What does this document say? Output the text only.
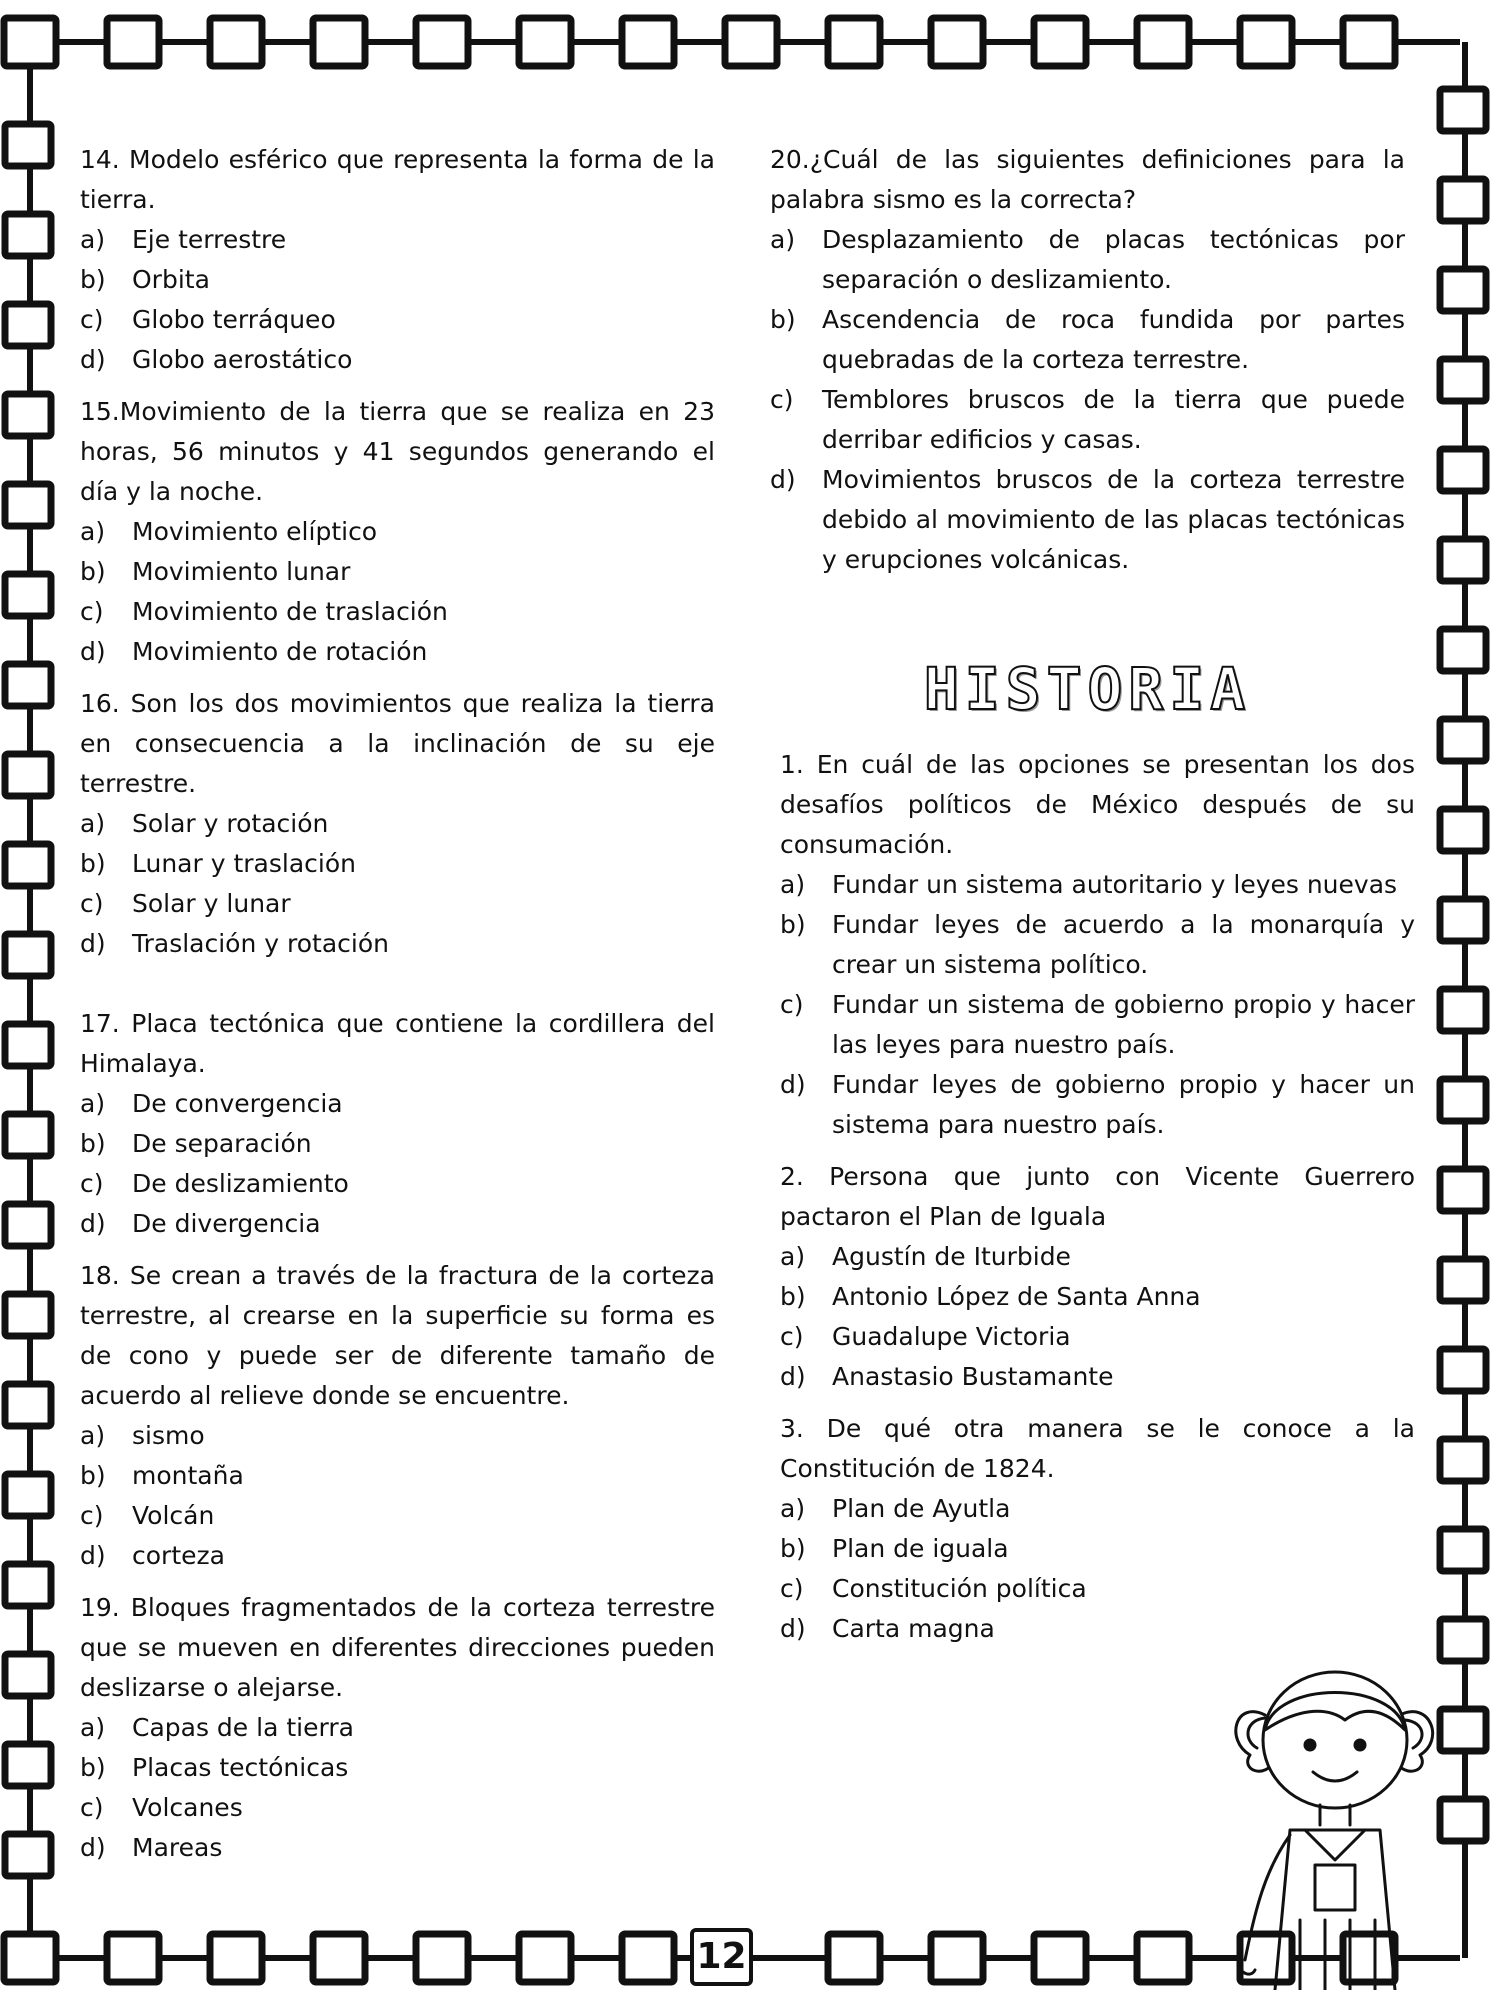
14. Modelo esférico que representa la forma de la tierra.

a)	Eje terrestre
b)	Orbita
c)	Globo terráqueo
d)	Globo aerostático

15.Movimiento de la tierra que se realiza en 23 horas, 56 minutos y 41 segundos generando el día y la noche.

a)	Movimiento elíptico
b)	Movimiento lunar
c)	Movimiento de traslación
d)	Movimiento de rotación

16. Son los dos movimientos que realiza la tierra en consecuencia a la inclinación de su eje terrestre.

a)	Solar y rotación
b)	Lunar y traslación
c)	Solar y lunar
d)	Traslación y rotación

17. Placa tectónica que contiene la cordillera del Himalaya.

a)	De convergencia
b)	De separación
c)	De deslizamiento
d)	De divergencia

18. Se crean a través de la fractura de la corteza terrestre, al crearse en la superficie su forma es de cono y puede ser de diferente tamaño de acuerdo al relieve donde se encuentre.

a)	sismo
b)	montaña
c)	Volcán
d)	corteza

19. Bloques fragmentados de la corteza terrestre que se mueven en diferentes direcciones pueden deslizarse o alejarse.

a)	Capas de la tierra
b)	Placas tectónicas
c)	Volcanes
d)	Mareas

20.¿Cuál de las siguientes definiciones para la palabra sismo es la correcta?

a)	Desplazamiento de placas tectónicas por separación o deslizamiento.
b)	Ascendencia de roca fundida por partes quebradas de la corteza terrestre.
c)	Temblores bruscos de la tierra que puede derribar edificios y casas.
d)	Movimientos bruscos de la corteza terrestre debido al movimiento de las placas tectónicas y erupciones volcánicas.
HISTORIA

1. En cuál de las opciones se presentan los dos desafíos políticos de México después de su consumación.

a)	Fundar un sistema autoritario y leyes nuevas
b)	Fundar leyes de acuerdo a la monarquía y crear un sistema político.
c)	Fundar un sistema de gobierno propio y hacer las leyes para nuestro país.
d)	Fundar leyes de gobierno propio y hacer un sistema para nuestro país.

2. Persona que junto con Vicente Guerrero pactaron el Plan de Iguala

a)	Agustín de Iturbide
b)	Antonio López de Santa Anna
c)	Guadalupe Victoria
d)	Anastasio Bustamante

3. De qué otra manera se le conoce a la Constitución de 1824.

a)	Plan de Ayutla
b)	Plan de iguala
c)	Constitución política
d)	Carta magna
12
